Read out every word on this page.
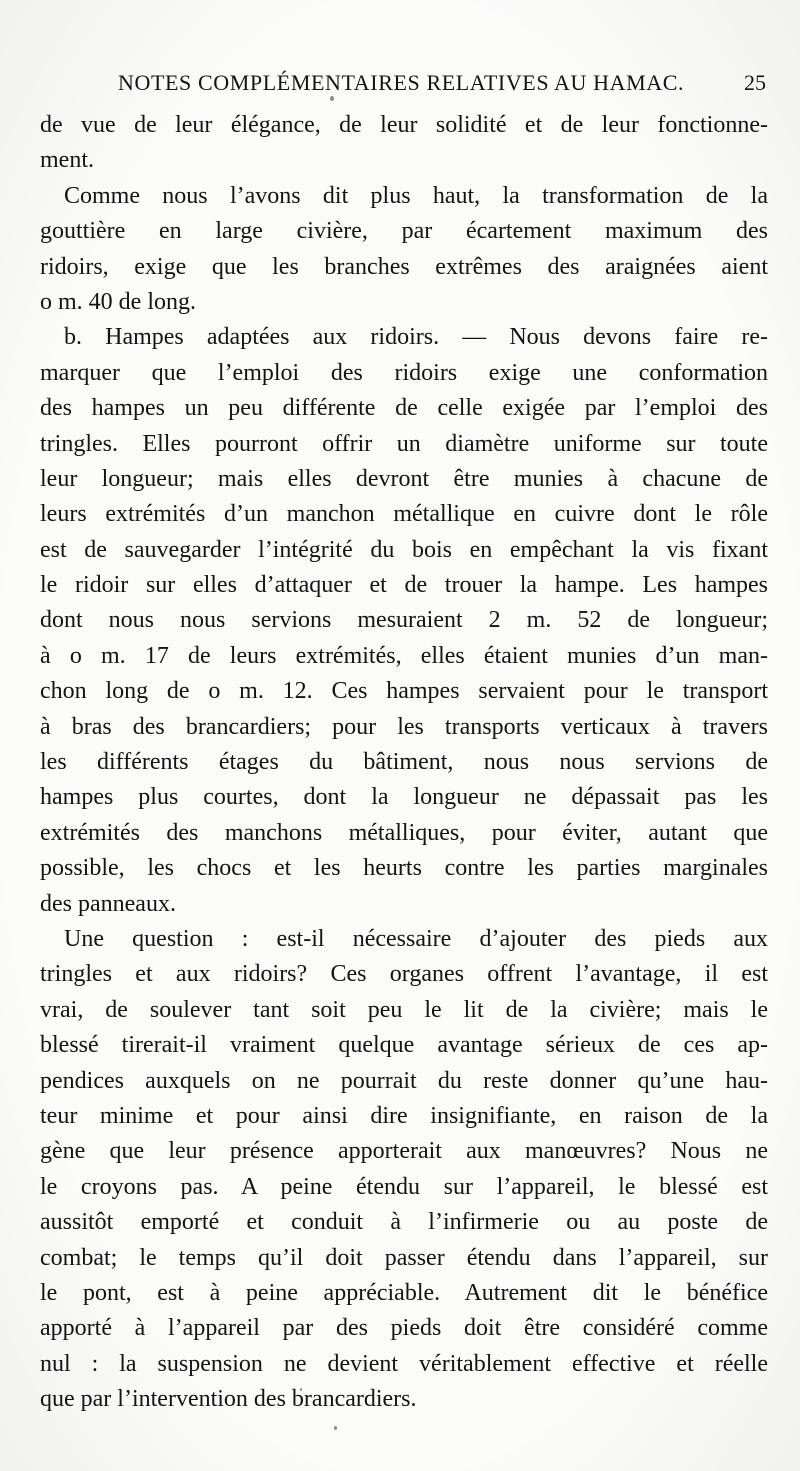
NOTES COMPLÉMENTAIRES RELATIVES AU HAMAC.	25
de vue de leur élégance, de leur solidité et de leur fonctionne-
ment.
Comme nous l’avons dit plus haut, la transformation de la
gouttière en large civière, par écartement maximum des
ridoirs, exige que les branches extrêmes des araignées aient
o m. 40 de long.
b. Hampes adaptées aux ridoirs. — Nous devons faire re-
marquer que l’emploi des ridoirs exige une conformation
des hampes un peu différente de celle exigée par l’emploi des
tringles. Elles pourront offrir un diamètre uniforme sur toute
leur longueur; mais elles devront être munies à chacune de
leurs extrémités d’un manchon métallique en cuivre dont le rôle
est de sauvegarder l’intégrité du bois en empêchant la vis fixant
le ridoir sur elles d’attaquer et de trouer la hampe. Les hampes
dont nous nous servions mesuraient 2 m. 52 de longueur;
à o m. 17 de leurs extrémités, elles étaient munies d’un man-
chon long de o m. 12. Ces hampes servaient pour le transport
à bras des brancardiers; pour les transports verticaux à travers
les différents étages du bâtiment, nous nous servions de
hampes plus courtes, dont la longueur ne dépassait pas les
extrémités des manchons métalliques, pour éviter, autant que
possible, les chocs et les heurts contre les parties marginales
des panneaux.
Une question : est-il nécessaire d’ajouter des pieds aux
tringles et aux ridoirs? Ces organes offrent l’avantage, il est
vrai, de soulever tant soit peu le lit de la civière; mais le
blessé tirerait-il vraiment quelque avantage sérieux de ces ap-
pendices auxquels on ne pourrait du reste donner qu’une hau-
teur minime et pour ainsi dire insignifiante, en raison de la
gène que leur présence apporterait aux manœuvres? Nous ne
le croyons pas. A peine étendu sur l’appareil, le blessé est
aussitôt emporté et conduit à l’infirmerie ou au poste de
combat; le temps qu’il doit passer étendu dans l’appareil, sur
le pont, est à peine appréciable. Autrement dit le bénéfice
apporté à l’appareil par des pieds doit être considéré comme
nul : la suspension ne devient véritablement effective et réelle
que par l’intervention des brancardiers.
